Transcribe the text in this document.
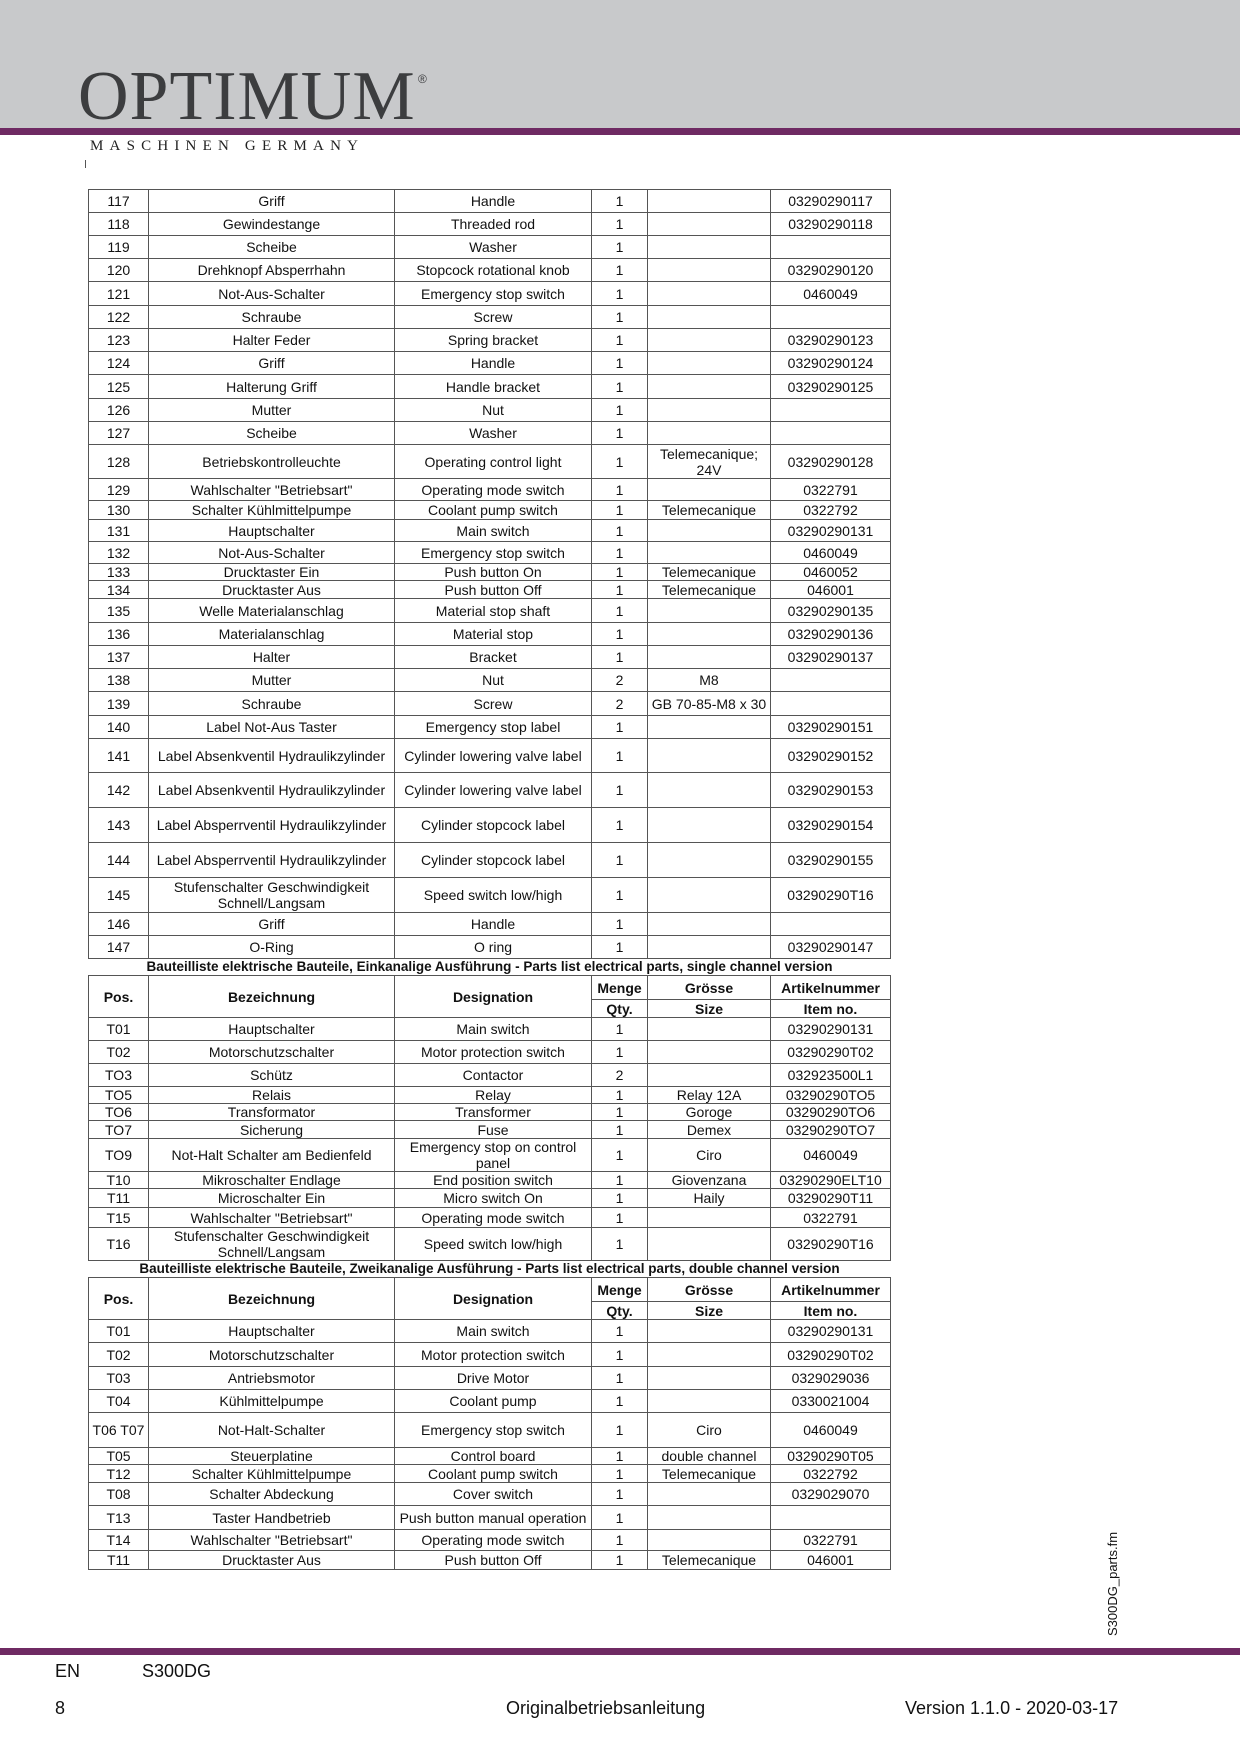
OPTIMUM ®
MASCHINEN GERMANY
117	Griff	Handle	1		03290290117
118	Gewindestange	Threaded rod	1		03290290118
119	Scheibe	Washer	1		
120	Drehknopf Absperrhahn	Stopcock rotational knob	1		03290290120
121	Not-Aus-Schalter	Emergency stop switch	1		0460049
122	Schraube	Screw	1		
123	Halter Feder	Spring bracket	1		03290290123
124	Griff	Handle	1		03290290124
125	Halterung Griff	Handle bracket	1		03290290125
126	Mutter	Nut	1		
127	Scheibe	Washer	1		
128	Betriebskontrolleuchte	Operating control light	1	Telemecanique; 24V	03290290128
129	Wahlschalter "Betriebsart"	Operating mode switch	1		0322791
130	Schalter Kühlmittelpumpe	Coolant pump switch	1	Telemecanique	0322792
131	Hauptschalter	Main switch	1		03290290131
132	Not-Aus-Schalter	Emergency stop switch	1		0460049
133	Drucktaster Ein	Push button On	1	Telemecanique	0460052
134	Drucktaster Aus	Push button Off	1	Telemecanique	046001
135	Welle Materialanschlag	Material stop shaft	1		03290290135
136	Materialanschlag	Material stop	1		03290290136
137	Halter	Bracket	1		03290290137
138	Mutter	Nut	2	M8	
139	Schraube	Screw	2	GB 70-85-M8 x 30	
140	Label Not-Aus Taster	Emergency stop label	1		03290290151
141	Label Absenkventil Hydraulikzylinder	Cylinder lowering valve label	1		03290290152
142	Label Absenkventil Hydraulikzylinder	Cylinder lowering valve label	1		03290290153
143	Label Absperrventil Hydraulikzylinder	Cylinder stopcock label	1		03290290154
144	Label Absperrventil Hydraulikzylinder	Cylinder stopcock label	1		03290290155
145	Stufenschalter Geschwindigkeit Schnell/Langsam	Speed switch low/high	1		03290290T16
146	Griff	Handle	1		
147	O-Ring	O ring	1		03290290147
Bauteilliste elektrische Bauteile, Einkanalige Ausführung - Parts list electrical parts, single channel version					
Pos.	Bezeichnung	Designation	Menge	Grösse	Artikelnummer
			Qty.	Size	Item no.
T01	Hauptschalter	Main switch	1		03290290131
T02	Motorschutzschalter	Motor protection switch	1		03290290T02
TO3	Schütz	Contactor	2		032923500L1
TO5	Relais	Relay	1	Relay 12A	03290290TO5
TO6	Transformator	Transformer	1	Goroge	03290290TO6
TO7	Sicherung	Fuse	1	Demex	03290290TO7
TO9	Not-Halt Schalter am Bedienfeld	Emergency stop on control panel	1	Ciro	0460049
T10	Mikroschalter Endlage	End position switch	1	Giovenzana	03290290ELT10
T11	Microschalter Ein	Micro switch On	1	Haily	03290290T11
T15	Wahlschalter "Betriebsart"	Operating mode switch	1		0322791
T16	Stufenschalter Geschwindigkeit Schnell/Langsam	Speed switch low/high	1		03290290T16
Bauteilliste elektrische Bauteile, Zweikanalige Ausführung - Parts list electrical parts, double channel version					
Pos.	Bezeichnung	Designation	Menge	Grösse	Artikelnummer
			Qty.	Size	Item no.
T01	Hauptschalter	Main switch	1		03290290131
T02	Motorschutzschalter	Motor protection switch	1		03290290T02
T03	Antriebsmotor	Drive Motor	1		0329029036
T04	Kühlmittelpumpe	Coolant pump	1		0330021004
T06 T07	Not-Halt-Schalter	Emergency stop switch	1	Ciro	0460049
T05	Steuerplatine	Control board	1	double channel	03290290T05
T12	Schalter Kühlmittelpumpe	Coolant pump switch	1	Telemecanique	0322792
T08	Schalter Abdeckung	Cover switch	1		0329029070
T13	Taster Handbetrieb	Push button manual operation	1		
T14	Wahlschalter "Betriebsart"	Operating mode switch	1		0322791
T11	Drucktaster Aus	Push button Off	1	Telemecanique	046001	S300DG_parts.fm
EN	S300DG
8	Originalbetriebsanleitung	Version 1.1.0 - 2020-03-17
